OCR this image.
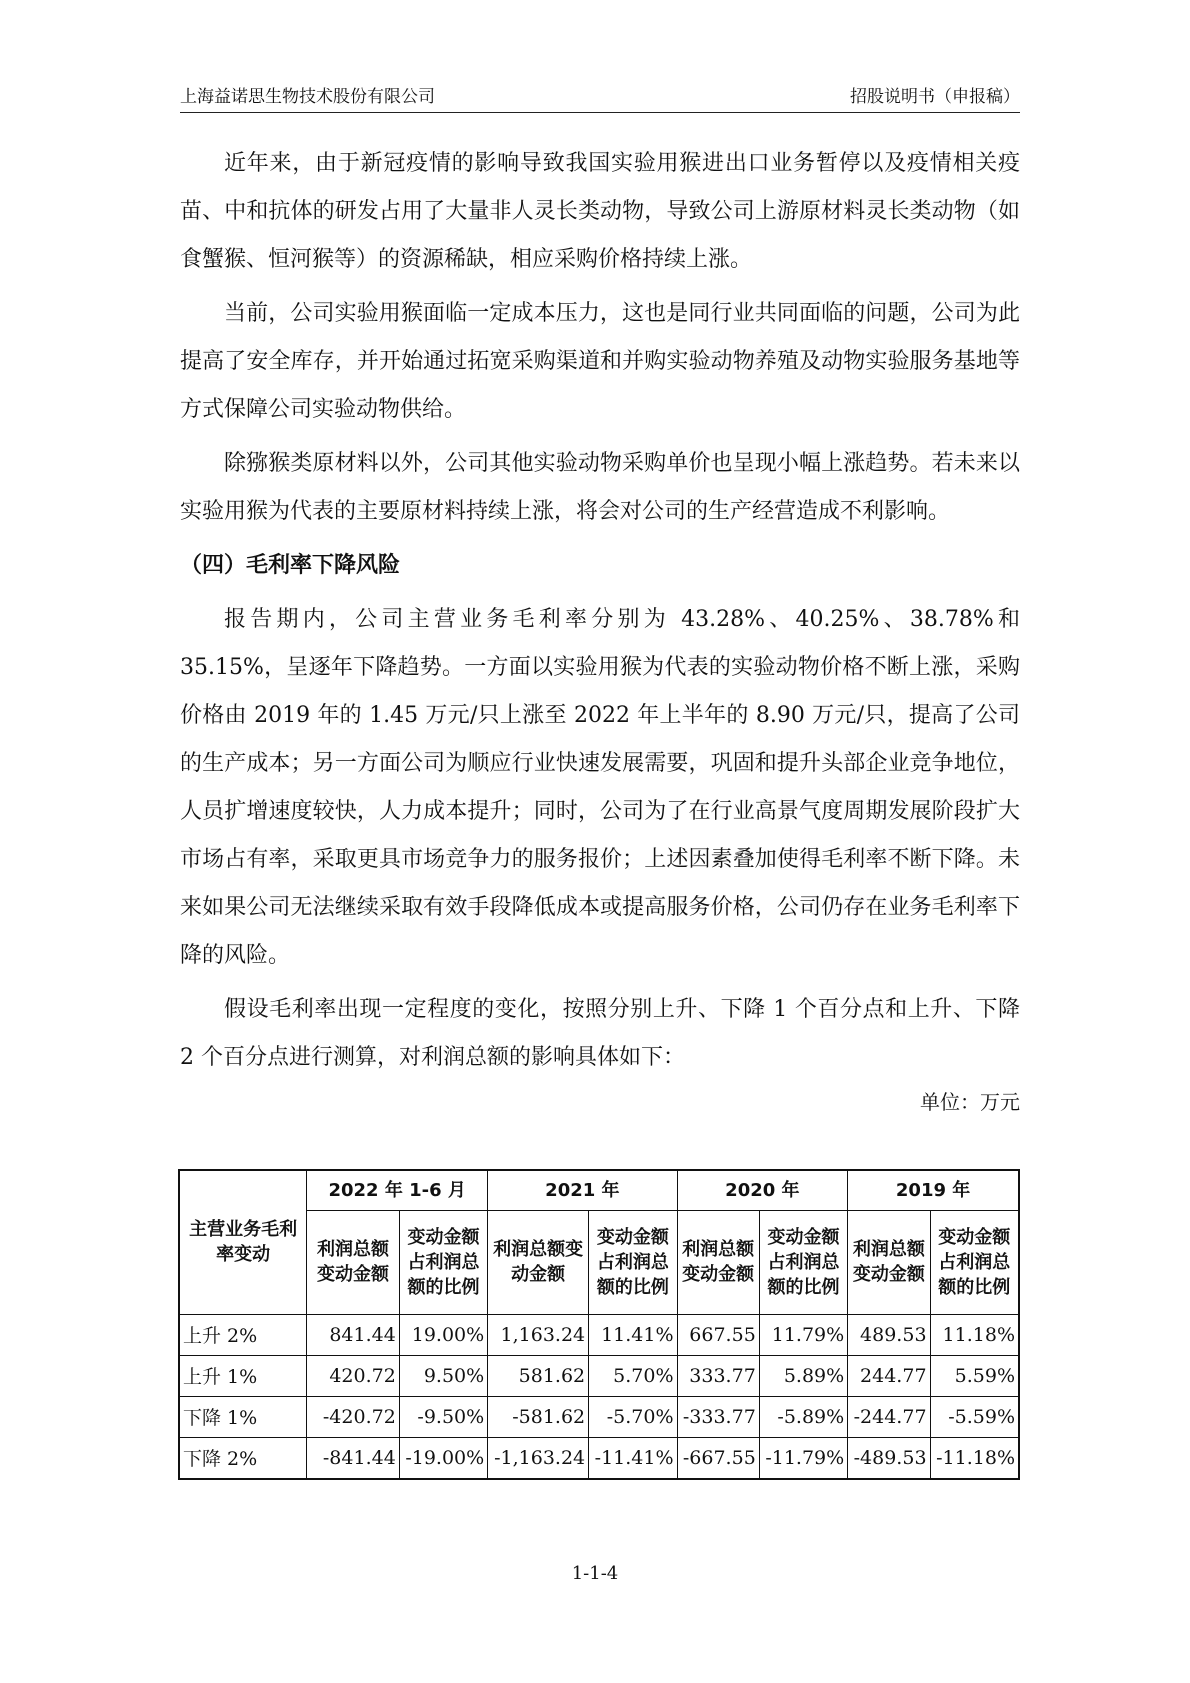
上海益诺思生物技术股份有限公司	招股说明书（申报稿）

近年来，由于新冠疫情的影响导致我国实验用猴进出口业务暂停以及疫情相关疫苗、中和抗体的研发占用了大量非人灵长类动物，导致公司上游原材料灵长类动物（如食蟹猴、恒河猴等）的资源稀缺，相应采购价格持续上涨。

当前，公司实验用猴面临一定成本压力，这也是同行业共同面临的问题，公司为此提高了安全库存，并开始通过拓宽采购渠道和并购实验动物养殖及动物实验服务基地等方式保障公司实验动物供给。

除猕猴类原材料以外，公司其他实验动物采购单价也呈现小幅上涨趋势。若未来以实验用猴为代表的主要原材料持续上涨，将会对公司的生产经营造成不利影响。

（四）毛利率下降风险

报告期内，公司主营业务毛利率分别为 43.28%、40.25%、38.78%和 35.15%，呈逐年下降趋势。一方面以实验用猴为代表的实验动物价格不断上涨，采购价格由 2019 年的 1.45 万元/只上涨至 2022 年上半年的 8.90 万元/只，提高了公司的生产成本；另一方面公司为顺应行业快速发展需要，巩固和提升头部企业竞争地位，人员扩增速度较快，人力成本提升；同时，公司为了在行业高景气度周期发展阶段扩大市场占有率，采取更具市场竞争力的服务报价；上述因素叠加使得毛利率不断下降。未来如果公司无法继续采取有效手段降低成本或提高服务价格，公司仍存在业务毛利率下降的风险。

假设毛利率出现一定程度的变化，按照分别上升、下降 1 个百分点和上升、下降 2 个百分点进行测算，对利润总额的影响具体如下：

单位：万元
主营业务毛利率变动	2022 年 1-6 月		2021 年		2020 年		2019 年	
	利润总额变动金额	变动金额占利润总额的比例	利润总额变动金额	变动金额占利润总额的比例	利润总额变动金额	变动金额占利润总额的比例	利润总额变动金额	变动金额占利润总额的比例
上升 2%	841.44	19.00%	1,163.24	11.41%	667.55	11.79%	489.53	11.18%
上升 1%	420.72	9.50%	581.62	5.70%	333.77	5.89%	244.77	5.59%
下降 1%	-420.72	-9.50%	-581.62	-5.70%	-333.77	-5.89%	-244.77	-5.59%
下降 2%	-841.44	-19.00%	-1,163.24	-11.41%	-667.55	-11.79%	-489.53	-11.18%
1-1-4
